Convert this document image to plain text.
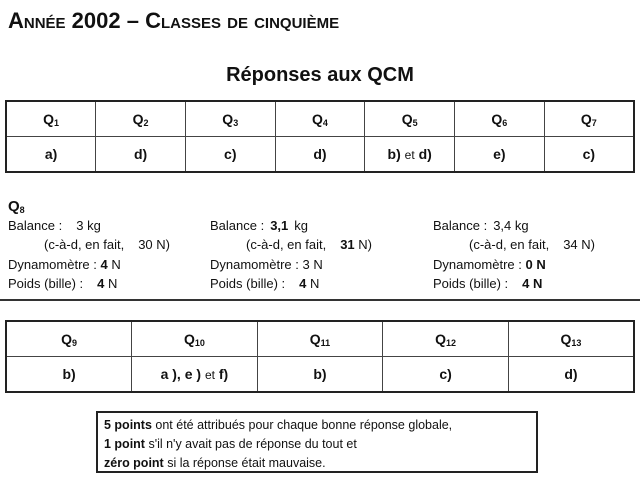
Année 2002 – Classes de cinquième
Réponses aux QCM
$Q_1$	$Q_2$	$Q_3$	$Q_4$	$Q_5$	$Q_6$	$Q_7$
a)	d)	c)	d)	b) et d)	e)	c)
$Q_8$
Balance : 3 kg
(c-à-d, en fait, 30 N)
Dynamomètre : 4 N
Poids (bille) : 4 N
Balance : 3,1 kg
(c-à-d, en fait, 31 N)
Dynamomètre : 3 N
Poids (bille) : 4 N
Balance : 3,4 kg
(c-à-d, en fait, 34 N)
Dynamomètre : 0 N
Poids (bille) : 4 N
$Q_9$	$Q_{10}$	$Q_{11}$	$Q_{12}$	$Q_{13}$
b)	a ), e ) et f)	b)	c)	d)
5 points ont été attribués pour chaque bonne réponse globale,
1 point s'il n'y avait pas de réponse du tout et
zéro point si la réponse était mauvaise.
